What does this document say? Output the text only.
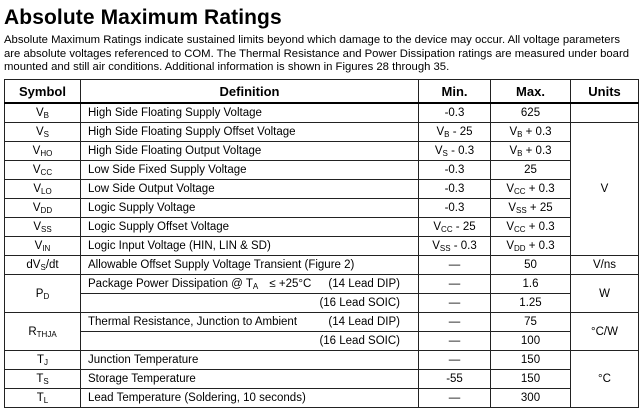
Absolute Maximum Ratings
Absolute Maximum Ratings indicate sustained limits beyond which damage to the device may occur. All voltage parameters are absolute voltages referenced to COM. The Thermal Resistance and Power Dissipation ratings are measured under board mounted and still air conditions. Additional information is shown in Figures 28 through 35.
Symbol	Definition	Min.	Max.	Units
$V_B$	High Side Floating Supply Voltage	-0.3	625	
$V_S$	High Side Floating Supply Offset Voltage	$V_B - 25$	$V_B + 0.3$	V
$V_{HO}$	High Side Floating Output Voltage	$V_S - 0.3$	$V_B + 0.3$	
$V_{CC}$	Low Side Fixed Supply Voltage	-0.3	25	
$V_{LO}$	Low Side Output Voltage	-0.3	$V_{CC} + 0.3$	
$V_{DD}$	Logic Supply Voltage	-0.3	$V_{SS} + 25$	
$V_{SS}$	Logic Supply Offset Voltage	$V_{CC} - 25$	$V_{CC} + 0.3$	
$V_{IN}$	Logic Input Voltage (HIN, LIN & SD)	$V_{SS} - 0.3$	$V_{DD} + 0.3$	
$dV_S/dt$	Allowable Offset Supply Voltage Transient (Figure 2)	—	50	V/ns
$P_D$	Package Power Dissipation @ $T_A \le +25^\circ C$ (14 Lead DIP)	—	1.6	W

	(16 Lead SOIC)	—	1.25	
$R_{THJA}$	Thermal Resistance, Junction to Ambient (14 Lead DIP)	—	75	°C/W

	(16 Lead SOIC)	—	100	
$T_J$	Junction Temperature	—	150	°C
$T_S$	Storage Temperature	-55	150	
$T_L$	Lead Temperature (Soldering, 10 seconds)	—	300	
